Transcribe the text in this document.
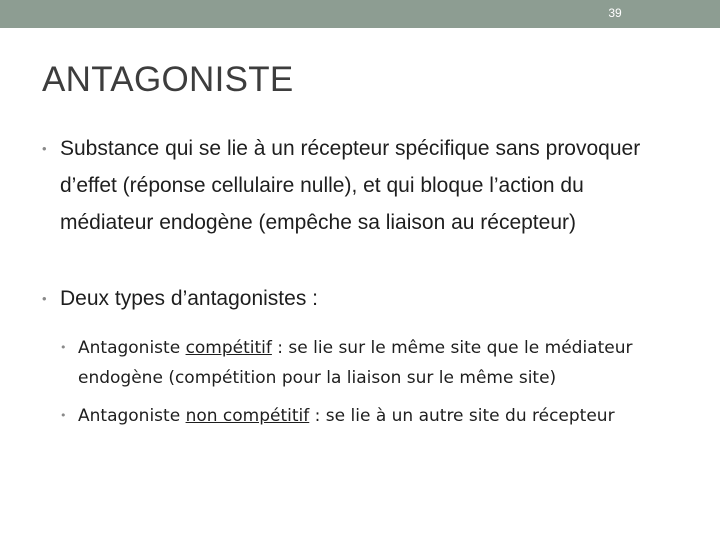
39
ANTAGONISTE
• Substance qui se lie à un récepteur spécifique sans provoquer d’effet (réponse cellulaire nulle), et qui bloque l’action du médiateur endogène (empêche sa liaison au récepteur)
• Deux types d’antagonistes :
• Antagoniste compétitif : se lie sur le même site que le médiateur endogène (compétition pour la liaison sur le même site)
• Antagoniste non compétitif : se lie à un autre site du récepteur
